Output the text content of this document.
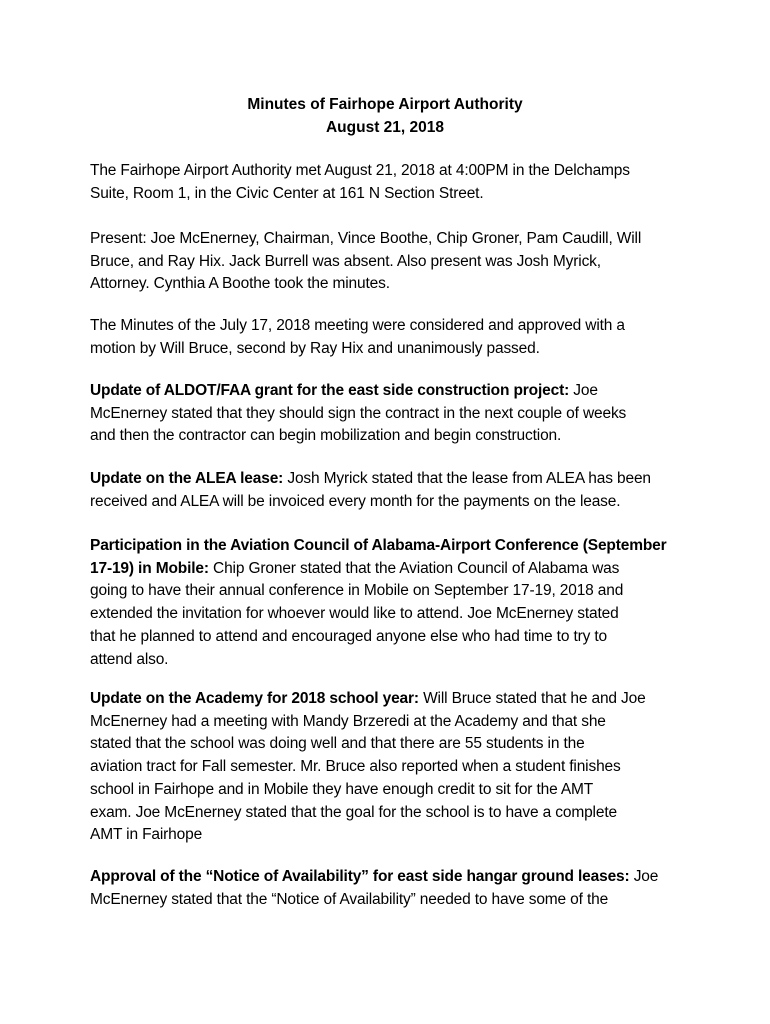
Minutes of Fairhope Airport Authority
August 21, 2018
The Fairhope Airport Authority met August 21, 2018 at 4:00PM in the Delchamps
Suite, Room 1, in the Civic Center at 161 N Section Street.
Present: Joe McEnerney, Chairman, Vince Boothe, Chip Groner, Pam Caudill, Will
Bruce, and Ray Hix. Jack Burrell was absent. Also present was Josh Myrick,
Attorney. Cynthia A Boothe took the minutes.
The Minutes of the July 17, 2018 meeting were considered and approved with a
motion by Will Bruce, second by Ray Hix and unanimously passed.
Update of ALDOT/FAA grant for the east side construction project: Joe
McEnerney stated that they should sign the contract in the next couple of weeks
and then the contractor can begin mobilization and begin construction.
Update on the ALEA lease: Josh Myrick stated that the lease from ALEA has been
received and ALEA will be invoiced every month for the payments on the lease.
Participation in the Aviation Council of Alabama-Airport Conference (September
17-19) in Mobile: Chip Groner stated that the Aviation Council of Alabama was
going to have their annual conference in Mobile on September 17-19, 2018 and
extended the invitation for whoever would like to attend. Joe McEnerney stated
that he planned to attend and encouraged anyone else who had time to try to
attend also.
Update on the Academy for 2018 school year: Will Bruce stated that he and Joe
McEnerney had a meeting with Mandy Brzeredi at the Academy and that she
stated that the school was doing well and that there are 55 students in the
aviation tract for Fall semester. Mr. Bruce also reported when a student finishes
school in Fairhope and in Mobile they have enough credit to sit for the AMT
exam. Joe McEnerney stated that the goal for the school is to have a complete
AMT in Fairhope
Approval of the “Notice of Availability” for east side hangar ground leases: Joe
McEnerney stated that the “Notice of Availability” needed to have some of the
